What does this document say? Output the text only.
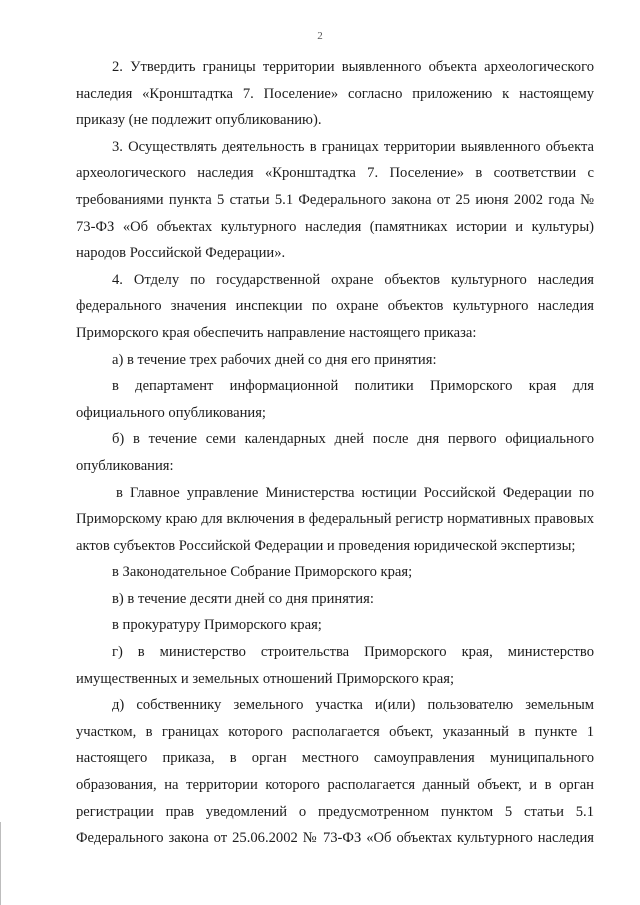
2

2. Утвердить границы территории выявленного объекта археологического наследия «Кронштадтка 7. Поселение» согласно приложению к настоящему приказу (не подлежит опубликованию).

3. Осуществлять деятельность в границах территории выявленного объекта археологического наследия «Кронштадтка 7. Поселение» в соответствии с требованиями пункта 5 статьи 5.1 Федерального закона от 25 июня 2002 года № 73-ФЗ «Об объектах культурного наследия (памятниках истории и культуры) народов Российской Федерации».

4. Отделу по государственной охране объектов культурного наследия федерального значения инспекции по охране объектов культурного наследия Приморского края обеспечить направление настоящего приказа:

а) в течение трех рабочих дней со дня его принятия:

в департамент информационной политики Приморского края для официального опубликования;

б) в течение семи календарных дней после дня первого официального опубликования:

в Главное управление Министерства юстиции Российской Федерации по Приморскому краю для включения в федеральный регистр нормативных правовых актов субъектов Российской Федерации и проведения юридической экспертизы;

в Законодательное Собрание Приморского края;

в) в течение десяти дней со дня принятия:

в прокуратуру Приморского края;

г) в министерство строительства Приморского края, министерство имущественных и земельных отношений Приморского края;

д) собственнику земельного участка и(или) пользователю земельным участком, в границах которого располагается объект, указанный в пункте 1 настоящего приказа, в орган местного самоуправления муниципального образования, на территории которого располагается данный объект, и в орган регистрации прав уведомлений о предусмотренном пунктом 5 статьи 5.1 Федерального закона от 25.06.2002 № 73-ФЗ «Об объектах культурного наследия
